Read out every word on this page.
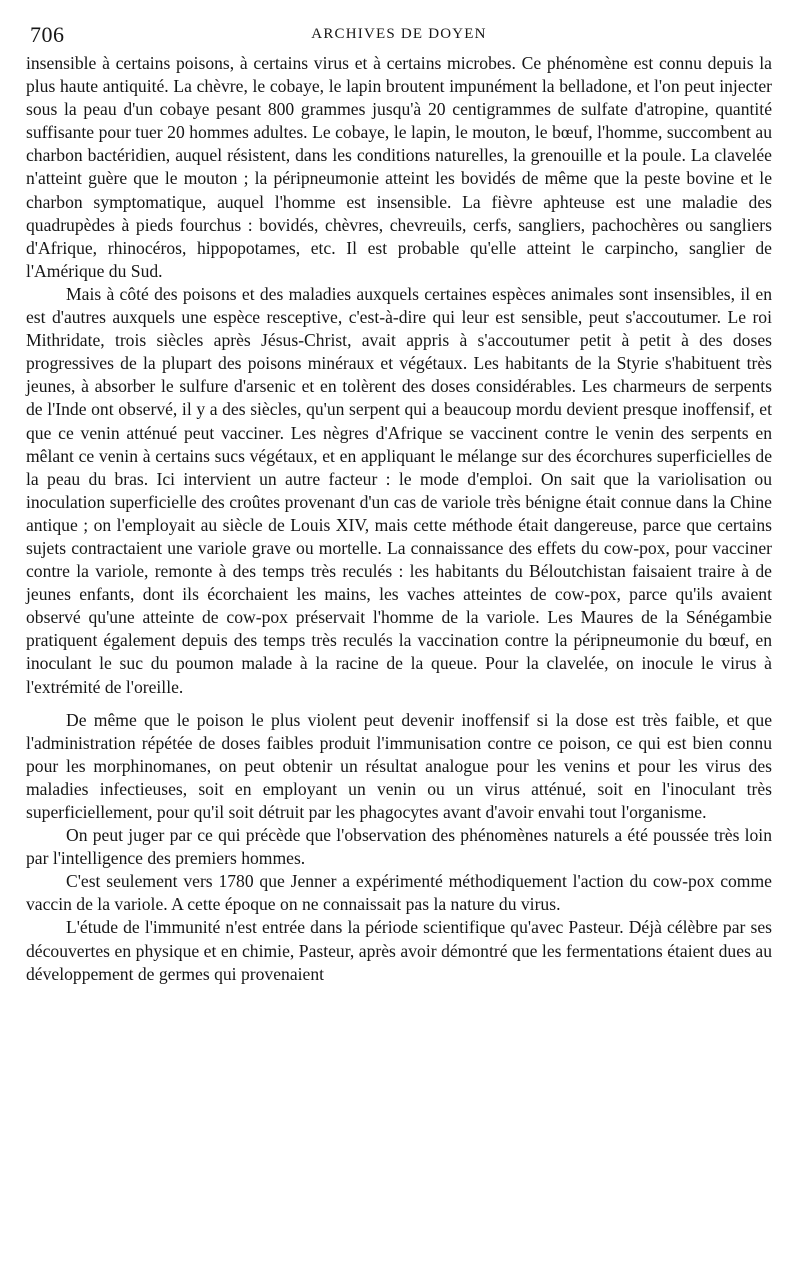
706	ARCHIVES DE DOYEN

insensible à certains poisons, à certains virus et à certains microbes. Ce phénomène est connu depuis la plus haute antiquité. La chèvre, le cobaye, le lapin broutent impunément la belladone, et l'on peut injecter sous la peau d'un cobaye pesant 800 grammes jusqu'à 20 centigrammes de sulfate d'atropine, quantité suffisante pour tuer 20 hommes adultes. Le cobaye, le lapin, le mouton, le bœuf, l'homme, succombent au charbon bactéridien, auquel résistent, dans les conditions naturelles, la grenouille et la poule. La clavelée n'atteint guère que le mouton ; la péripneumonie atteint les bovidés de même que la peste bovine et le charbon symptomatique, auquel l'homme est insensible. La fièvre aphteuse est une maladie des quadrupèdes à pieds fourchus : bovidés, chèvres, chevreuils, cerfs, sangliers, pachochères ou sangliers d'Afrique, rhinocéros, hippopotames, etc. Il est probable qu'elle atteint le carpincho, sanglier de l'Amérique du Sud.

Mais à côté des poisons et des maladies auxquels certaines espèces animales sont insensibles, il en est d'autres auxquels une espèce resceptive, c'est-à-dire qui leur est sensible, peut s'accoutumer. Le roi Mithridate, trois siècles après Jésus-Christ, avait appris à s'accoutumer petit à petit à des doses progressives de la plupart des poisons minéraux et végétaux. Les habitants de la Styrie s'habituent très jeunes, à absorber le sulfure d'arsenic et en tolèrent des doses considérables. Les charmeurs de serpents de l'Inde ont observé, il y a des siècles, qu'un serpent qui a beaucoup mordu devient presque inoffensif, et que ce venin atténué peut vacciner. Les nègres d'Afrique se vaccinent contre le venin des serpents en mêlant ce venin à certains sucs végétaux, et en appliquant le mélange sur des écorchures superficielles de la peau du bras. Ici intervient un autre facteur : le mode d'emploi. On sait que la variolisation ou inoculation superficielle des croûtes provenant d'un cas de variole très bénigne était connue dans la Chine antique ; on l'employait au siècle de Louis XIV, mais cette méthode était dangereuse, parce que certains sujets contractaient une variole grave ou mortelle. La connaissance des effets du cow-pox, pour vacciner contre la variole, remonte à des temps très reculés : les habitants du Béloutchistan faisaient traire à de jeunes enfants, dont ils écorchaient les mains, les vaches atteintes de cow-pox, parce qu'ils avaient observé qu'une atteinte de cow-pox préservait l'homme de la variole. Les Maures de la Sénégambie pratiquent également depuis des temps très reculés la vaccination contre la péripneumonie du bœuf, en inoculant le suc du poumon malade à la racine de la queue. Pour la clavelée, on inocule le virus à l'extrémité de l'oreille.

De même que le poison le plus violent peut devenir inoffensif si la dose est très faible, et que l'administration répétée de doses faibles produit l'immunisation contre ce poison, ce qui est bien connu pour les morphinomanes, on peut obtenir un résultat analogue pour les venins et pour les virus des maladies infectieuses, soit en employant un venin ou un virus atténué, soit en l'inoculant très superficiellement, pour qu'il soit détruit par les phagocytes avant d'avoir envahi tout l'organisme.

On peut juger par ce qui précède que l'observation des phénomènes naturels a été poussée très loin par l'intelligence des premiers hommes.

C'est seulement vers 1780 que Jenner a expérimenté méthodiquement l'action du cow-pox comme vaccin de la variole. A cette époque on ne connaissait pas la nature du virus.

L'étude de l'immunité n'est entrée dans la période scientifique qu'avec Pasteur. Déjà célèbre par ses découvertes en physique et en chimie, Pasteur, après avoir démontré que les fermentations étaient dues au développement de germes qui provenaient
